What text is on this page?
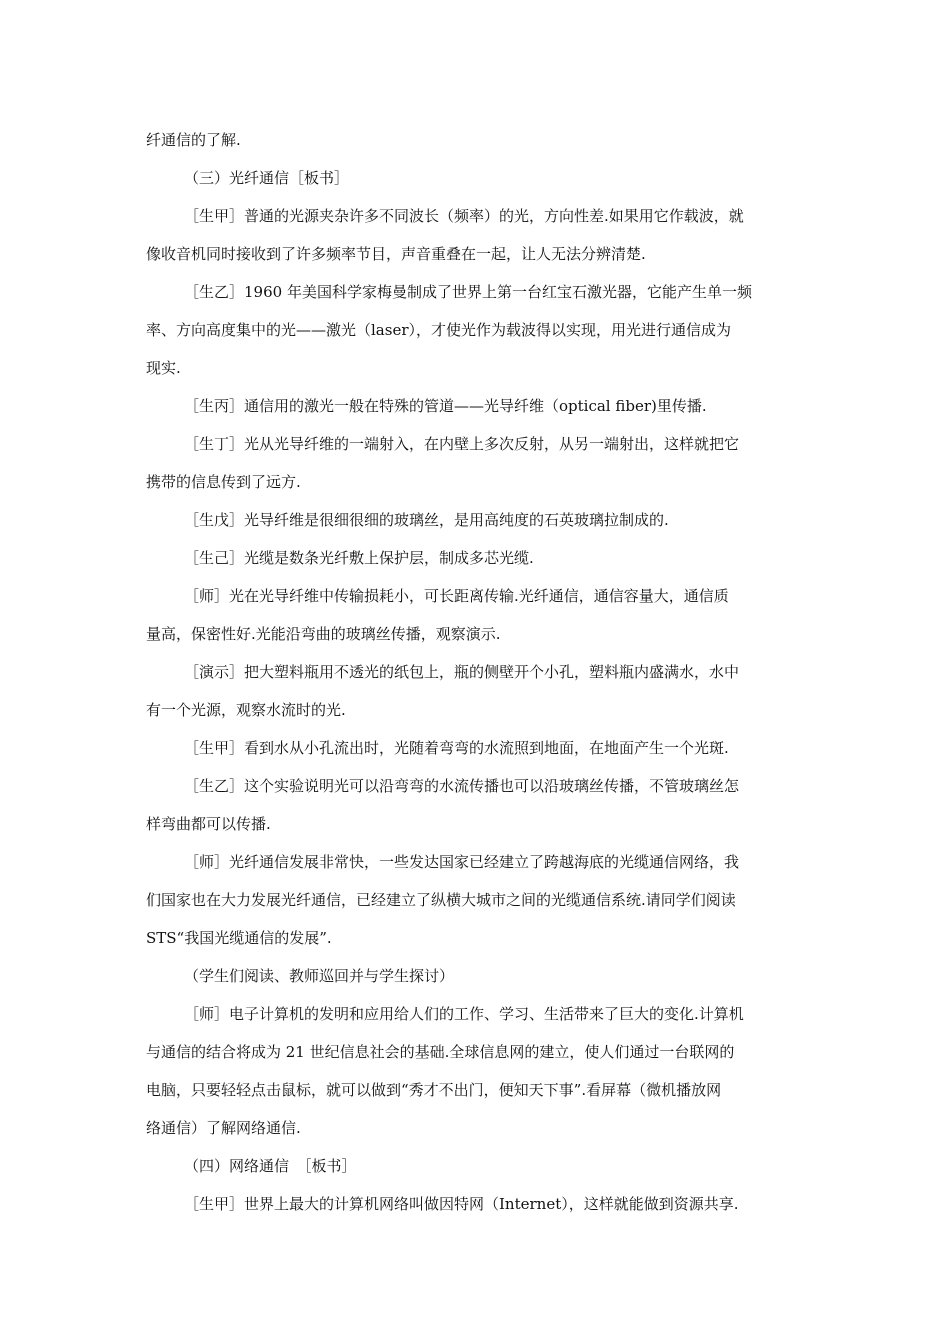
纤通信的了解.
（三）光纤通信［板书］
［生甲］普通的光源夹杂许多不同波长（频率）的光，方向性差.如果用它作载波，就
像收音机同时接收到了许多频率节目，声音重叠在一起，让人无法分辨清楚.
［生乙］1960 年美国科学家梅曼制成了世界上第一台红宝石激光器，它能产生单一频
率、方向高度集中的光——激光（laser），才使光作为载波得以实现，用光进行通信成为
现实.
［生丙］通信用的激光一般在特殊的管道——光导纤维（optical fiber)里传播.
［生丁］光从光导纤维的一端射入，在内壁上多次反射，从另一端射出，这样就把它
携带的信息传到了远方.
［生戊］光导纤维是很细很细的玻璃丝，是用高纯度的石英玻璃拉制成的.
［生己］光缆是数条光纤敷上保护层，制成多芯光缆.
［师］光在光导纤维中传输损耗小，可长距离传输.光纤通信，通信容量大，通信质
量高，保密性好.光能沿弯曲的玻璃丝传播，观察演示.
［演示］把大塑料瓶用不透光的纸包上，瓶的侧壁开个小孔，塑料瓶内盛满水，水中
有一个光源，观察水流时的光.
［生甲］看到水从小孔流出时，光随着弯弯的水流照到地面，在地面产生一个光斑.
［生乙］这个实验说明光可以沿弯弯的水流传播也可以沿玻璃丝传播，不管玻璃丝怎
样弯曲都可以传播.
［师］光纤通信发展非常快，一些发达国家已经建立了跨越海底的光缆通信网络，我
们国家也在大力发展光纤通信，已经建立了纵横大城市之间的光缆通信系统.请同学们阅读
STS“我国光缆通信的发展”.
（学生们阅读、教师巡回并与学生探讨）
［师］电子计算机的发明和应用给人们的工作、学习、生活带来了巨大的变化.计算机
与通信的结合将成为 21 世纪信息社会的基础.全球信息网的建立，使人们通过一台联网的
电脑，只要轻轻点击鼠标，就可以做到“秀才不出门，便知天下事”.看屏幕（微机播放网
络通信）了解网络通信.
（四）网络通信　［板书］
［生甲］世界上最大的计算机网络叫做因特网（Internet），这样就能做到资源共享.
